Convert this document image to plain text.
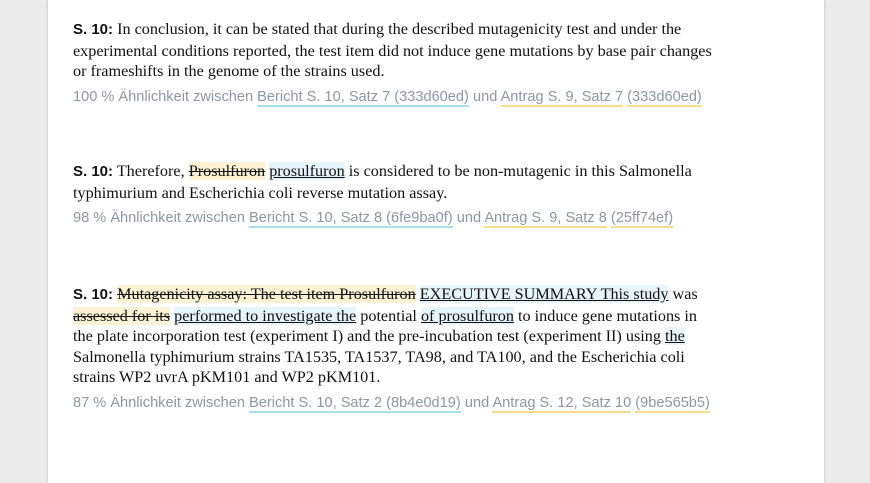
S. 10: In conclusion, it can be stated that during the described mutagenicity test and under the experimental conditions reported, the test item did not induce gene mutations by base pair changes or frameshifts in the genome of the strains used.
100 % Ähnlichkeit zwischen Bericht S. 10, Satz 7 (333d60ed) und Antrag S. 9, Satz 7 (333d60ed)
S. 10: Therefore, Prosulfuron prosulfuron is considered to be non-mutagenic in this Salmonella typhimurium and Escherichia coli reverse mutation assay.
98 % Ähnlichkeit zwischen Bericht S. 10, Satz 8 (6fe9ba0f) und Antrag S. 9, Satz 8 (25ff74ef)
S. 10: Mutagenicity assay: The test item Prosulfuron EXECUTIVE SUMMARY This study was assessed for its performed to investigate the potential of prosulfuron to induce gene mutations in the plate incorporation test (experiment I) and the pre-incubation test (experiment II) using the Salmonella typhimurium strains TA1535, TA1537, TA98, and TA100, and the Escherichia coli strains WP2 uvrA pKM101 and WP2 pKM101.
87 % Ähnlichkeit zwischen Bericht S. 10, Satz 2 (8b4e0d19) und Antrag S. 12, Satz 10 (9be565b5)
